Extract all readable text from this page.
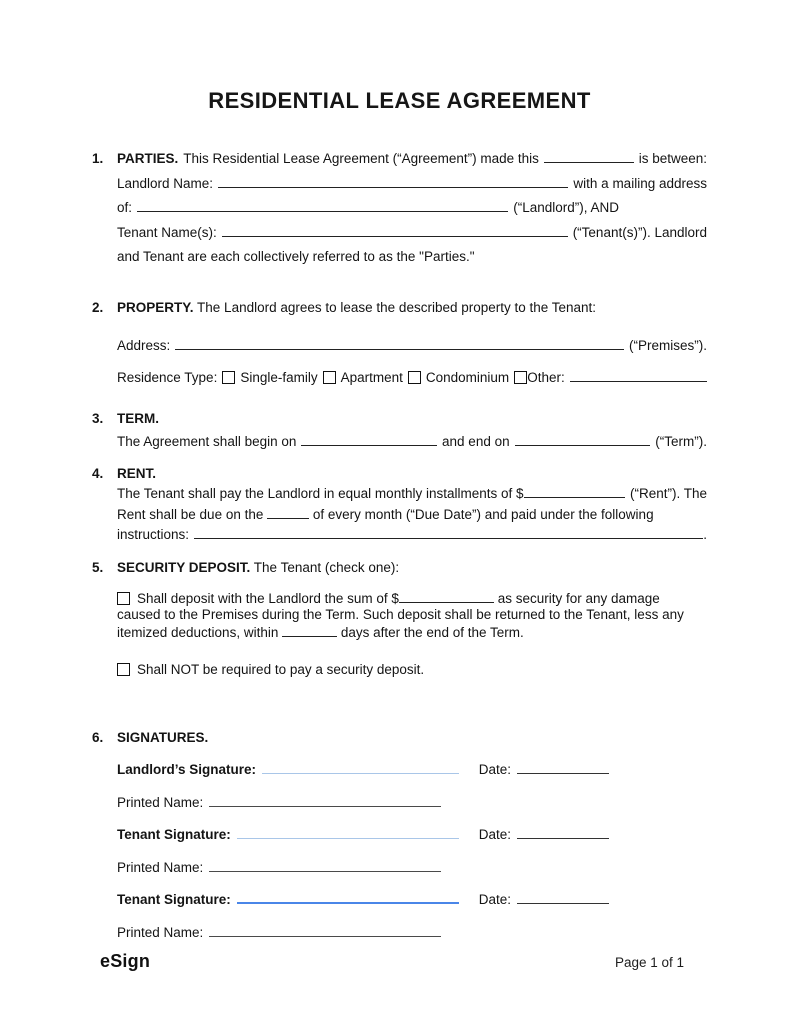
RESIDENTIAL LEASE AGREEMENT
1.	PARTIES. This Residential Lease Agreement (“Agreement”) made this	is between:
Landlord Name:	with a mailing address
of:	(“Landlord”), AND
Tenant Name(s):	(“Tenant(s)”). Landlord
and Tenant are each collectively referred to as the "Parties."
2.	PROPERTY. The Landlord agrees to lease the described property to the Tenant:
Address:	(“Premises”).
Residence Type: Single-family Apartment Condominium Other:
3.	TERM.
The Agreement shall begin on	and end on	(“Term”).
4.	RENT.
The Tenant shall pay the Landlord in equal monthly installments of $	(“Rent”). The
Rent shall be due on the	of every month (“Due Date”) and paid under the following
instructions:	.
5.	SECURITY DEPOSIT. The Tenant (check one):
Shall deposit with the Landlord the sum of $	as security for any damage caused to the Premises during the Term. Such deposit shall be returned to the Tenant, less any itemized deductions, within	days after the end of the Term.
Shall NOT be required to pay a security deposit.
6.	SIGNATURES.
Landlord’s Signature:	Date:
Printed Name:
Tenant Signature:	Date:
Printed Name:
Tenant Signature:	Date:
Printed Name:
eSign	Page 1 of 1
